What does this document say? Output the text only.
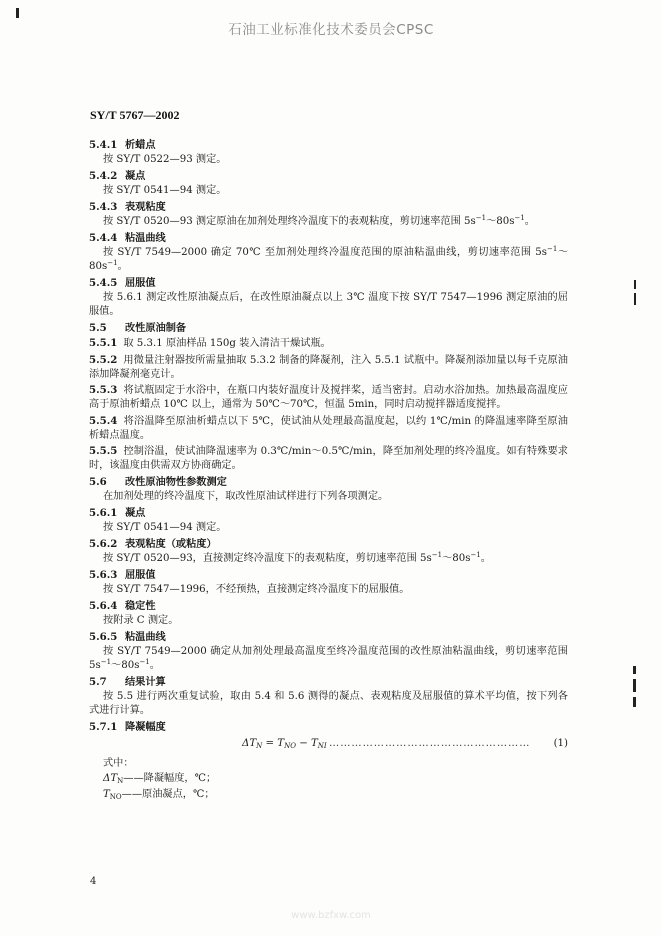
石油工业标准化技术委员会CPSC
SY/T 5767—2002
5.4.1 析蜡点
按 SY/T 0522—93 测定。
5.4.2 凝点
按 SY/T 0541—94 测定。
5.4.3 表观粘度
按 SY/T 0520—93 测定原油在加剂处理终冷温度下的表观粘度，剪切速率范围 $5s^{-1}\sim 80s^{-1}$。
5.4.4 粘温曲线
按 SY/T 7549—2000 确定 70℃ 至加剂处理终冷温度范围的原油粘温曲线，剪切速率范围 $5s^{-1}\sim 80s^{-1}$。
5.4.5 屈服值
按 5.6.1 测定改性原油凝点后，在改性原油凝点以上 3℃ 温度下按 SY/T 7547—1996 测定原油的屈服值。
5.5 改性原油制备
5.5.1 取 5.3.1 原油样品 150g 装入清洁干燥试瓶。
5.5.2 用微量注射器按所需量抽取 5.3.2 制备的降凝剂，注入 5.5.1 试瓶中。降凝剂添加量以每千克原油添加降凝剂毫克计。
5.5.3 将试瓶固定于水浴中，在瓶口内装好温度计及搅拌桨，适当密封。启动水浴加热。加热最高温度应高于原油析蜡点 10℃ 以上，通常为 50℃～70℃，恒温 5min，同时启动搅拌器适度搅拌。
5.5.4 将浴温降至原油析蜡点以下 5℃，使试油从处理最高温度起，以约 1℃/min 的降温速率降至原油析蜡点温度。
5.5.5 控制浴温，使试油降温速率为 0.3℃/min～0.5℃/min，降至加剂处理的终冷温度。如有特殊要求时，该温度由供需双方协商确定。
5.6 改性原油物性参数测定
在加剂处理的终冷温度下，取改性原油试样进行下列各项测定。
5.6.1 凝点
按 SY/T 0541—94 测定。
5.6.2 表观粘度（或粘度）
按 SY/T 0520—93，直接测定终冷温度下的表观粘度，剪切速率范围 $5s^{-1}\sim 80s^{-1}$。
5.6.3 屈服值
按 SY/T 7547—1996，不经预热，直接测定终冷温度下的屈服值。
5.6.4 稳定性
按附录 C 测定。
5.6.5 粘温曲线
按 SY/T 7549—2000 确定从加剂处理最高温度至终冷温度范围的改性原油粘温曲线，剪切速率范围 $5s^{-1}\sim 80s^{-1}$。
5.7 结果计算
按 5.5 进行两次重复试验，取由 5.4 和 5.6 测得的凝点、表观粘度及屈服值的算术平均值，按下列各式进行计算。
5.7.1 降凝幅度
$\Delta T_N = T_{NO} - T_{NI}$ ……………………………………………… (1)
式中：
$\Delta T_N——$降凝幅度，℃；
$T_{NO}——$原油凝点，℃；
4
www.bzfxw.com
